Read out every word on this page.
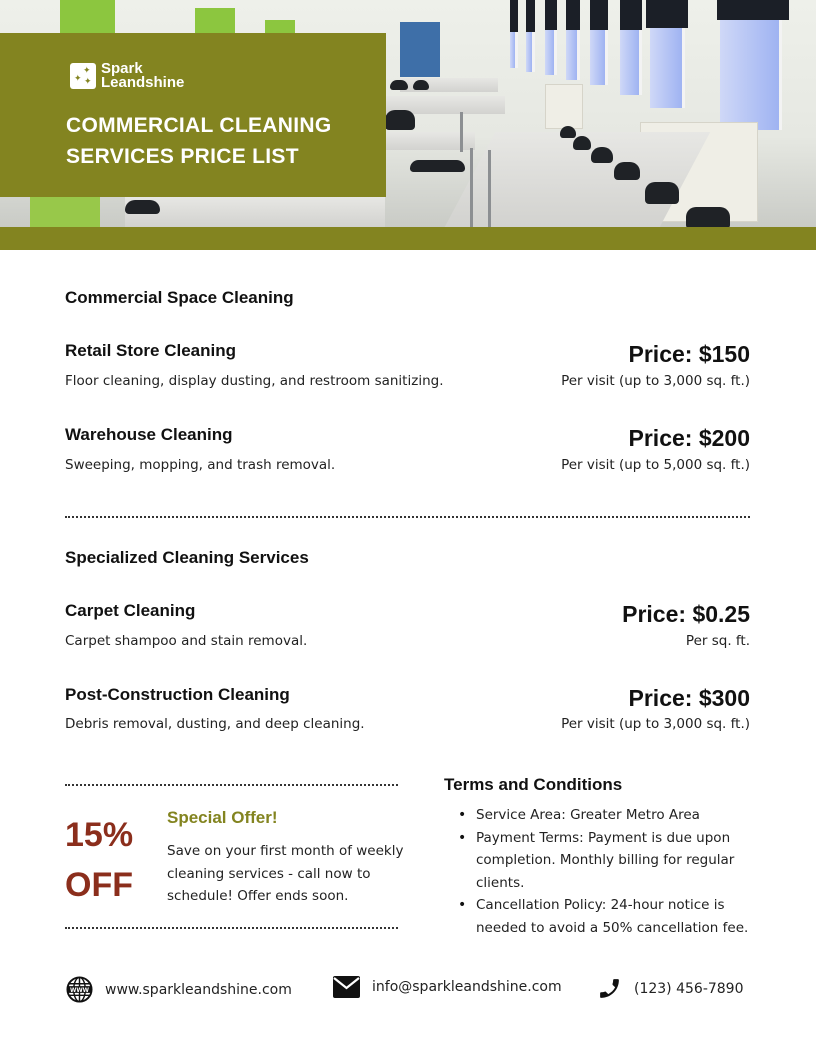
✦
✦ ✦
Spark
Leandshine
COMMERCIAL CLEANING
SERVICES PRICE LIST
Commercial Space Cleaning
Retail Store Cleaning
Floor cleaning, display dusting, and restroom sanitizing.
Price: $150
Per visit (up to 3,000 sq. ft.)
Warehouse Cleaning
Sweeping, mopping, and trash removal.
Price: $200
Per visit (up to 5,000 sq. ft.)
Specialized Cleaning Services
Carpet Cleaning
Carpet shampoo and stain removal.
Price: $0.25
Per sq. ft.
Post-Construction Cleaning
Debris removal, dusting, and deep cleaning.
Price: $300
Per visit (up to 3,000 sq. ft.)
15%
OFF
Special Offer!
Save on your first month of weekly cleaning services - call now to schedule! Offer ends soon.
Terms and Conditions
• Service Area: Greater Metro Area
• Payment Terms: Payment is due upon completion. Monthly billing for regular clients.
• Cancellation Policy: 24-hour notice is needed to avoid a 50% cancellation fee.
WWW www.sparkleandshine.com	info@sparkleandshine.com	(123) 456-7890
